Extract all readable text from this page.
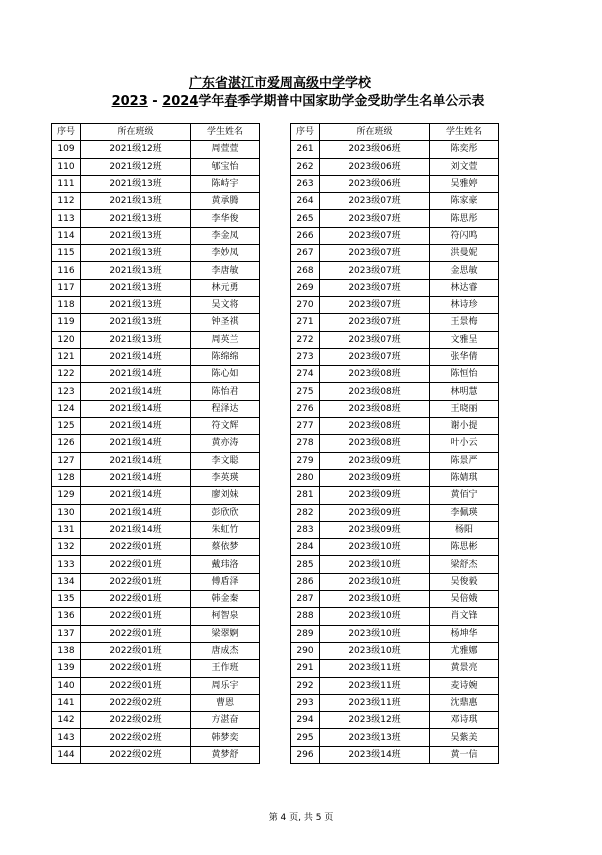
广东省湛江市爱周高级中学学校
2023 - 2024学年春季学期普中国家助学金受助学生名单公示表
序号	所在班级	学生姓名
109	2021级12班	周萱萱
110	2021级12班	郇宝怡
111	2021级13班	陈峙宇
112	2021级13班	黄承腾
113	2021级13班	李华俊
114	2021级13班	李金凤
115	2021级13班	李妙凤
116	2021级13班	李唐敏
117	2021级13班	林元勇
118	2021级13班	吴文将
119	2021级13班	钟圣祺
120	2021级13班	周英兰
121	2021级14班	陈绵绵
122	2021级14班	陈心如
123	2021级14班	陈怡君
124	2021级14班	程泽达
125	2021级14班	符文辉
126	2021级14班	黄亦涛
127	2021级14班	李文聪
128	2021级14班	李英瑛
129	2021级14班	廖刘妹
130	2021级14班	彭欣欣
131	2021级14班	朱虹竹
132	2022级01班	蔡依梦
133	2022级01班	戴玮洛
134	2022级01班	傅盾泽
135	2022级01班	韩金秦
136	2022级01班	柯智泉
137	2022级01班	梁翠婀
138	2022级01班	唐成杰
139	2022级01班	王作班
140	2022级01班	周乐宇
141	2022级02班	曹恩
142	2022级02班	方湛奋
143	2022级02班	韩梦奕
144	2022级02班	黄梦舒
序号	所在班级	学生姓名
261	2023级06班	陈奕彤
262	2023级06班	刘文萱
263	2023级06班	吴雅婷
264	2023级07班	陈家豪
265	2023级07班	陈思彤
266	2023级07班	符闪鸣
267	2023级07班	洪曼妮
268	2023级07班	金思敏
269	2023级07班	林达睿
270	2023级07班	林诗珍
271	2023级07班	王景梅
272	2023级07班	文雅呈
273	2023级07班	张华倩
274	2023级08班	陈恒怡
275	2023级08班	林明慧
276	2023级08班	王晓丽
277	2023级08班	谢小提
278	2023级08班	叶小云
279	2023级09班	陈景严
280	2023级09班	陈婧琪
281	2023级09班	黄佰宁
282	2023级09班	李佩瑛
283	2023级09班	杨阳
284	2023级10班	陈思彬
285	2023级10班	梁舒杰
286	2023级10班	吴俊毅
287	2023级10班	吴倍娥
288	2023级10班	肖文锋
289	2023级10班	杨坤华
290	2023级10班	尤雅娜
291	2023级11班	黄景亮
292	2023级11班	麦诗婉
293	2023级11班	沈鼎惠
294	2023级12班	邓诗琪
295	2023级13班	吴紫美
296	2023级14班	黄一信
第 4 页, 共 5 页
